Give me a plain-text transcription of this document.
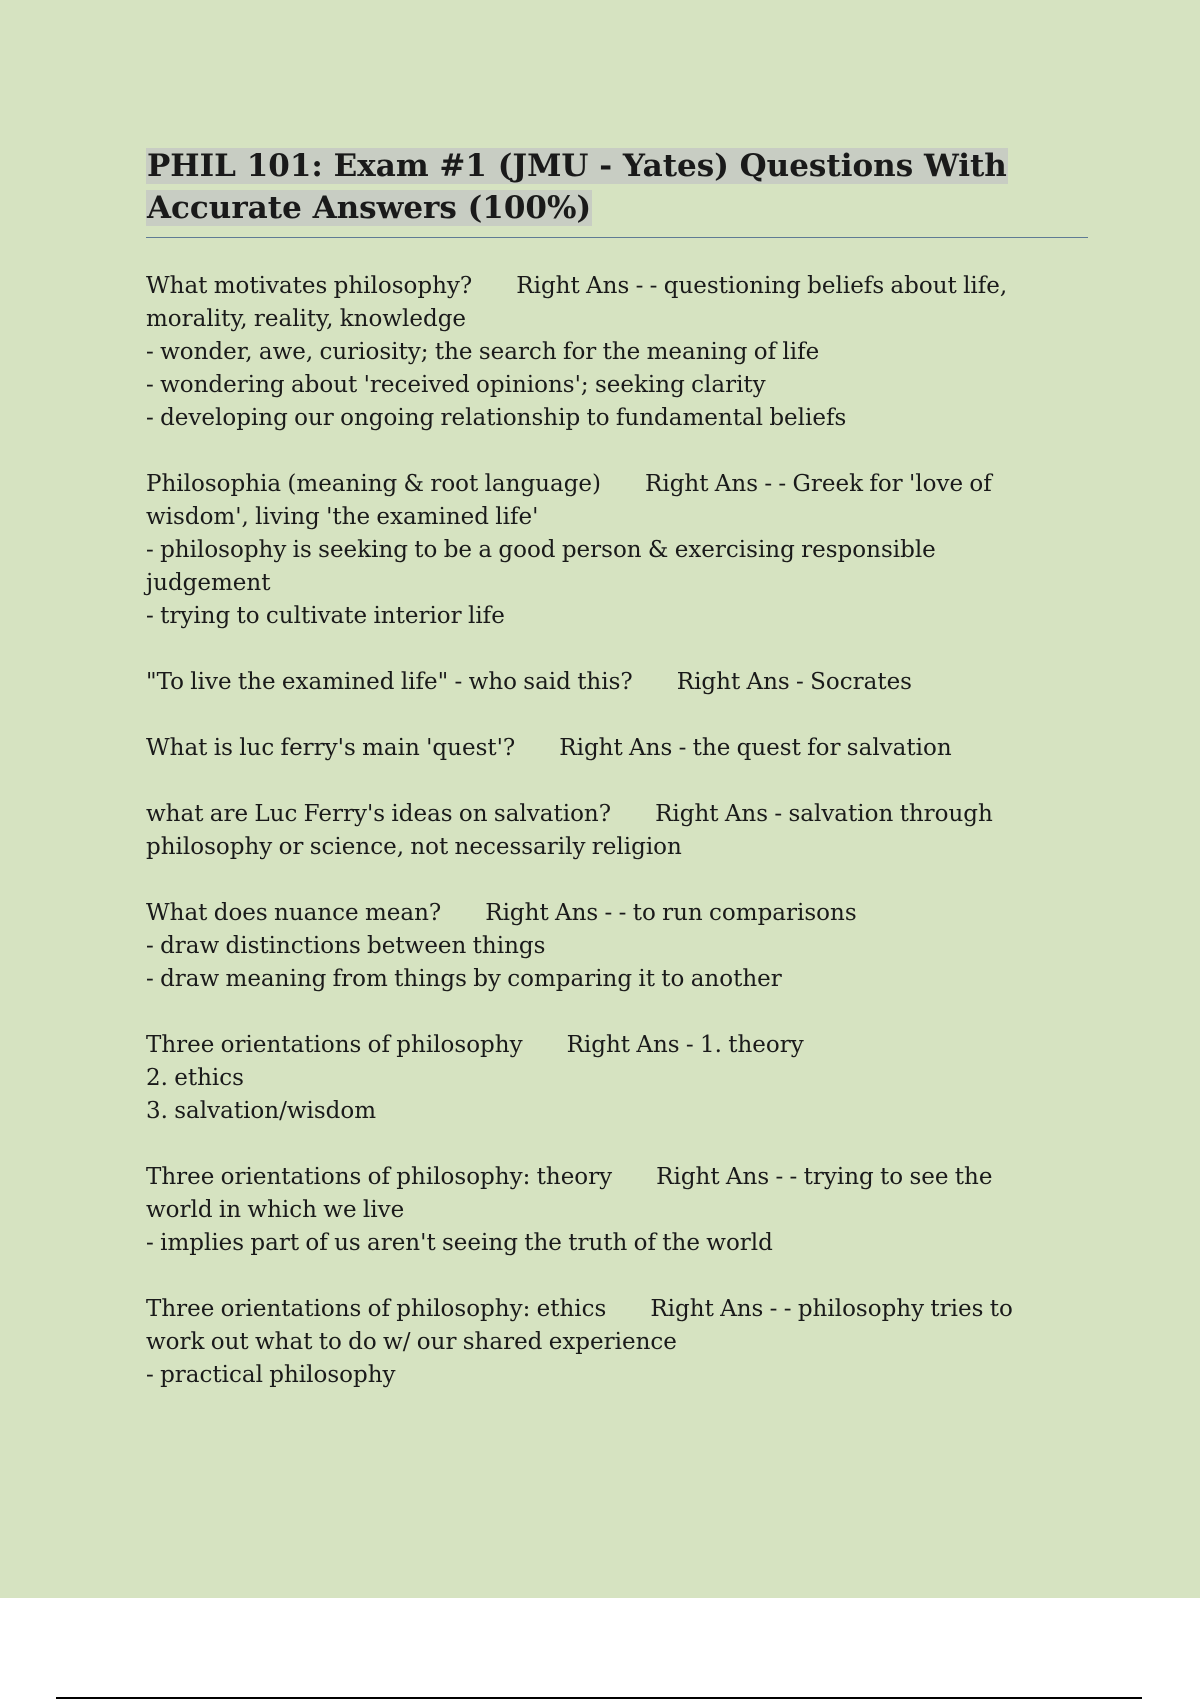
PHIL 101: Exam #1 (JMU - Yates) Questions With
Accurate Answers (100%)
What motivates philosophy? Right Ans - - questioning beliefs about life,
morality, reality, knowledge
- wonder, awe, curiosity; the search for the meaning of life
- wondering about 'received opinions'; seeking clarity
- developing our ongoing relationship to fundamental beliefs
Philosophia (meaning & root language) Right Ans - - Greek for 'love of
wisdom', living 'the examined life'
- philosophy is seeking to be a good person & exercising responsible
judgement
- trying to cultivate interior life
"To live the examined life" - who said this? Right Ans - Socrates
What is luc ferry's main 'quest'? Right Ans - the quest for salvation
what are Luc Ferry's ideas on salvation? Right Ans - salvation through
philosophy or science, not necessarily religion
What does nuance mean? Right Ans - - to run comparisons
- draw distinctions between things
- draw meaning from things by comparing it to another
Three orientations of philosophy Right Ans - 1. theory
2. ethics
3. salvation/wisdom
Three orientations of philosophy: theory Right Ans - - trying to see the
world in which we live
- implies part of us aren't seeing the truth of the world
Three orientations of philosophy: ethics Right Ans - - philosophy tries to
work out what to do w/ our shared experience
- practical philosophy
